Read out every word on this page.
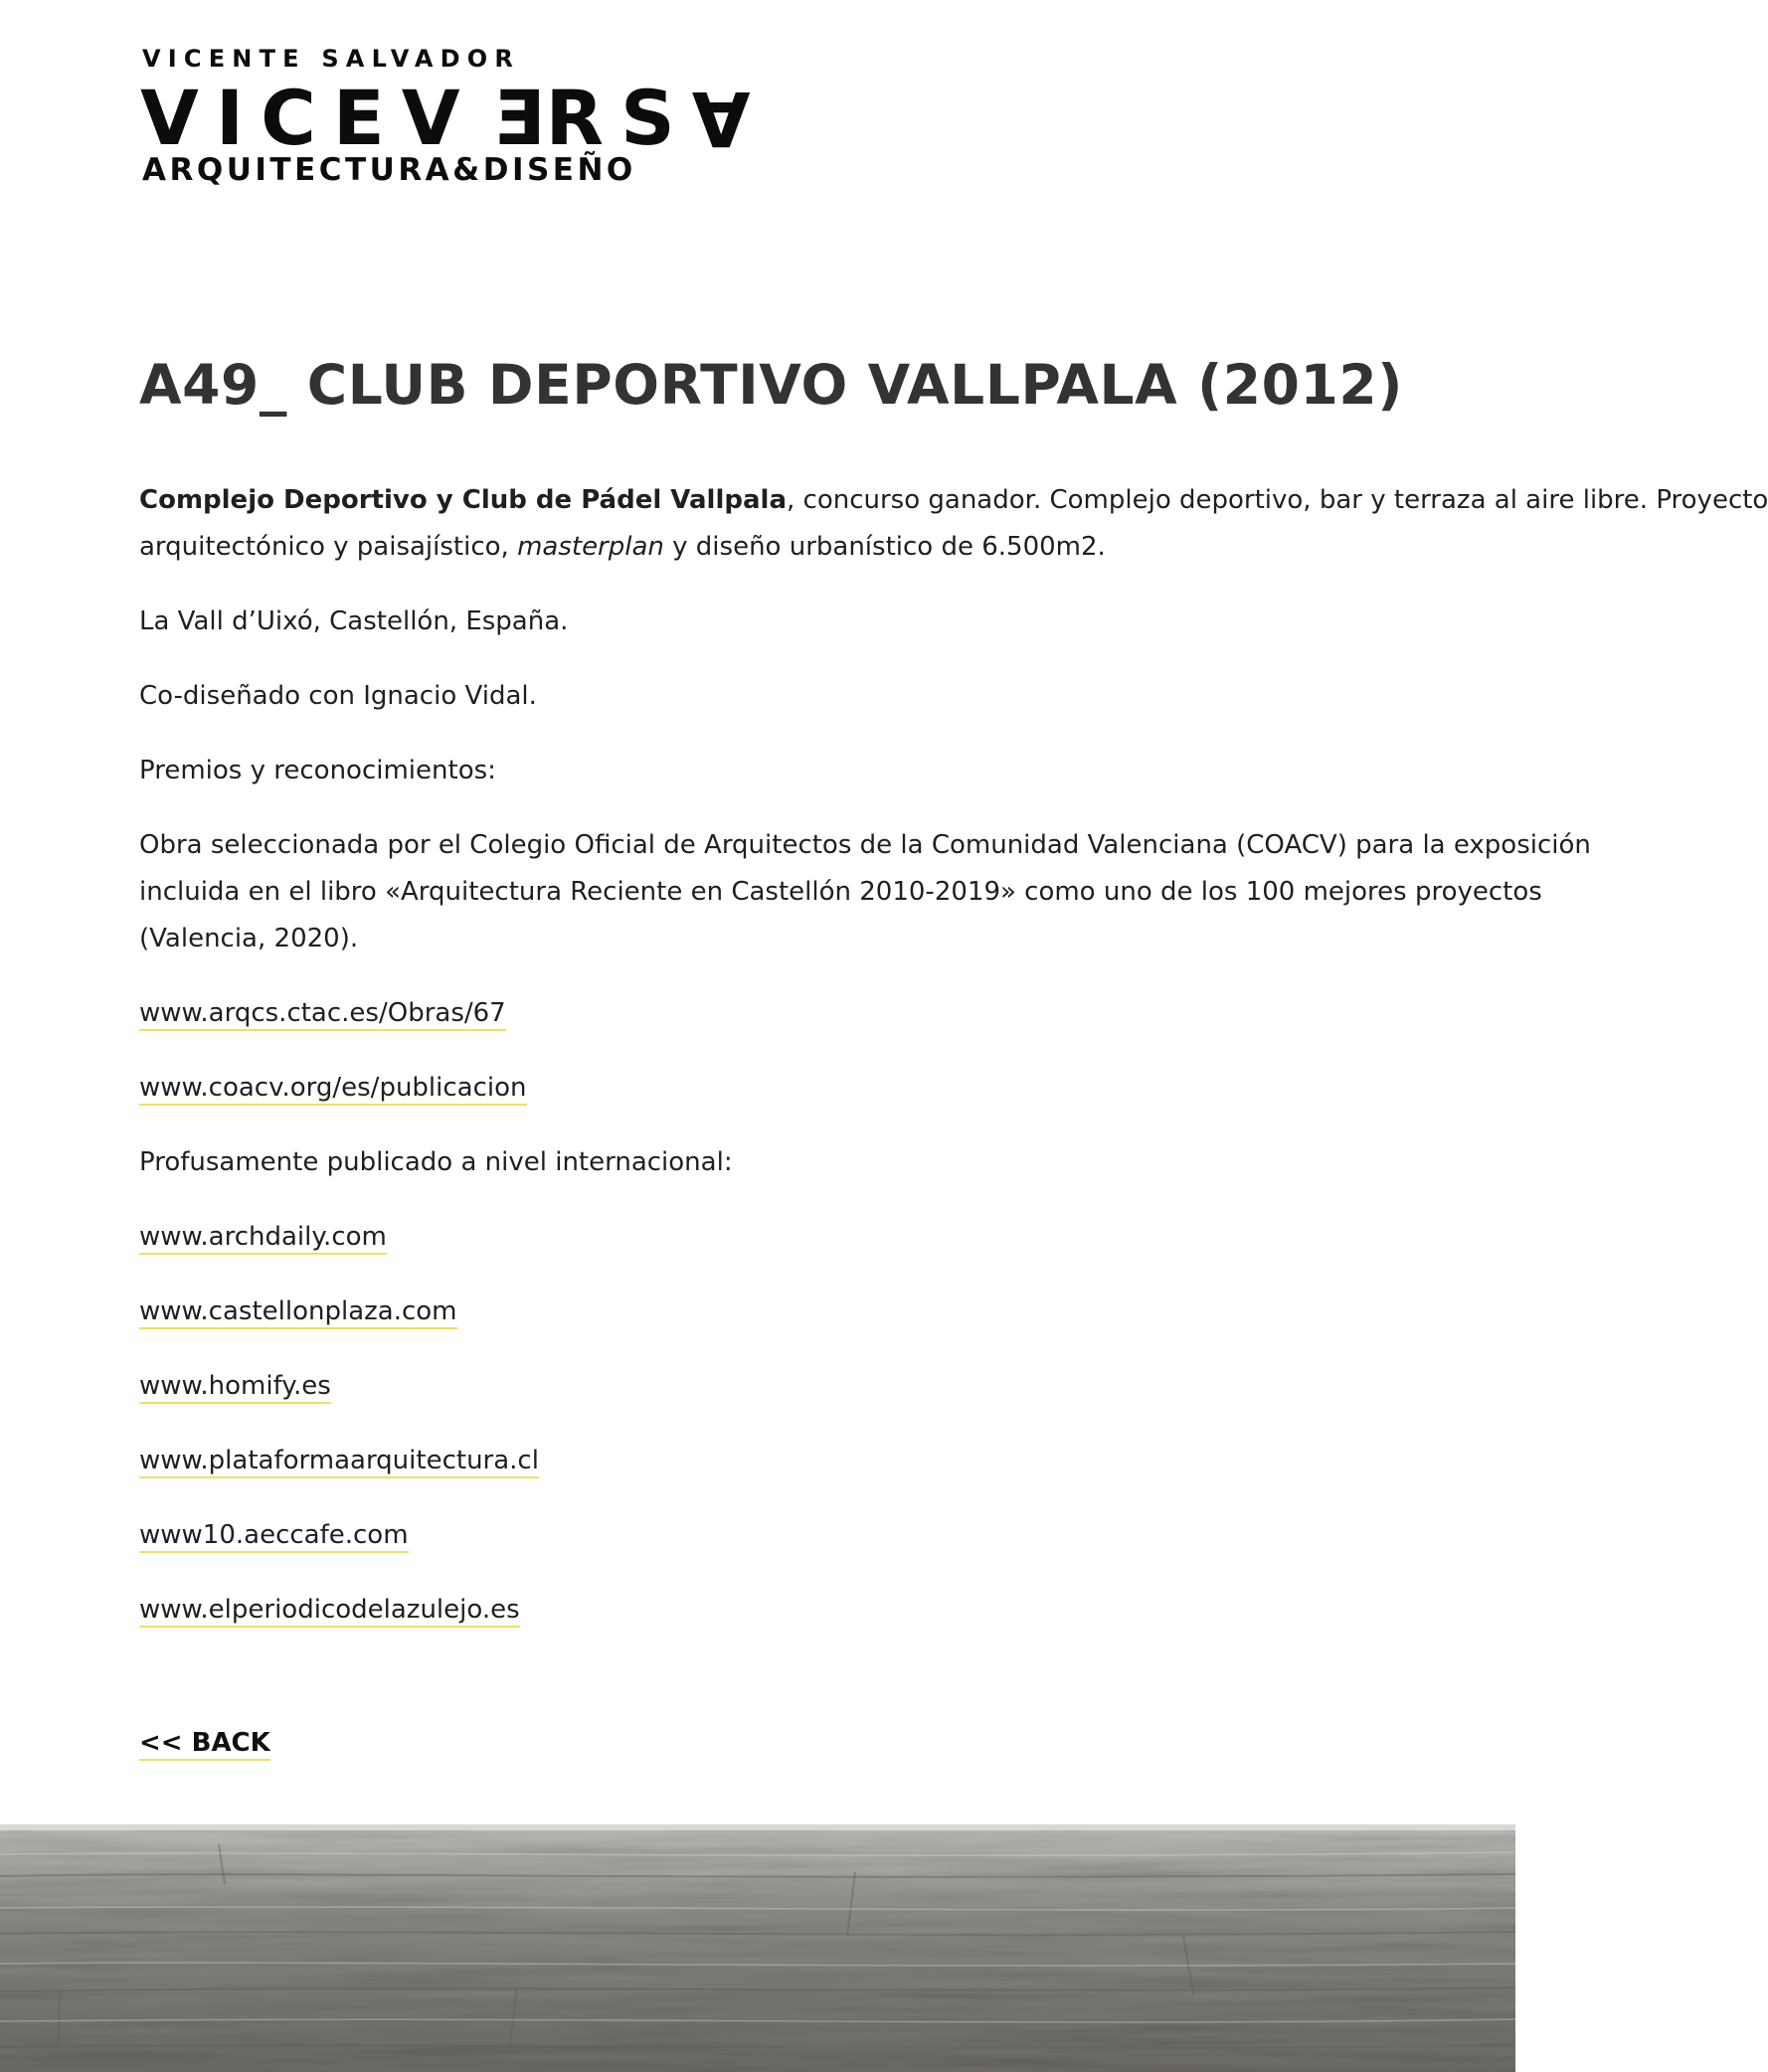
VICENTE SALVADOR
VICEVERSA
ARQUITECTURA&DISEÑO
A49_ CLUB DEPORTIVO VALLPALA (2012)

Complejo Deportivo y Club de Pádel Vallpala, concurso ganador. Complejo deportivo, bar y terraza al aire libre. Proyecto
arquitectónico y paisajístico, masterplan y diseño urbanístico de 6.500m2.

La Vall d’Uixó, Castellón, España.

Co-diseñado con Ignacio Vidal.

Premios y reconocimientos:

Obra seleccionada por el Colegio Oficial de Arquitectos de la Comunidad Valenciana (COACV) para la exposición
incluida en el libro «Arquitectura Reciente en Castellón 2010-2019» como uno de los 100 mejores proyectos
(Valencia, 2020).

www.arqcs.ctac.es/Obras/67

www.coacv.org/es/publicacion

Profusamente publicado a nivel internacional:

www.archdaily.com

www.castellonplaza.com

www.homify.es

www.plataformaarquitectura.cl

www10.aeccafe.com

www.elperiodicodelazulejo.es

<< BACK
